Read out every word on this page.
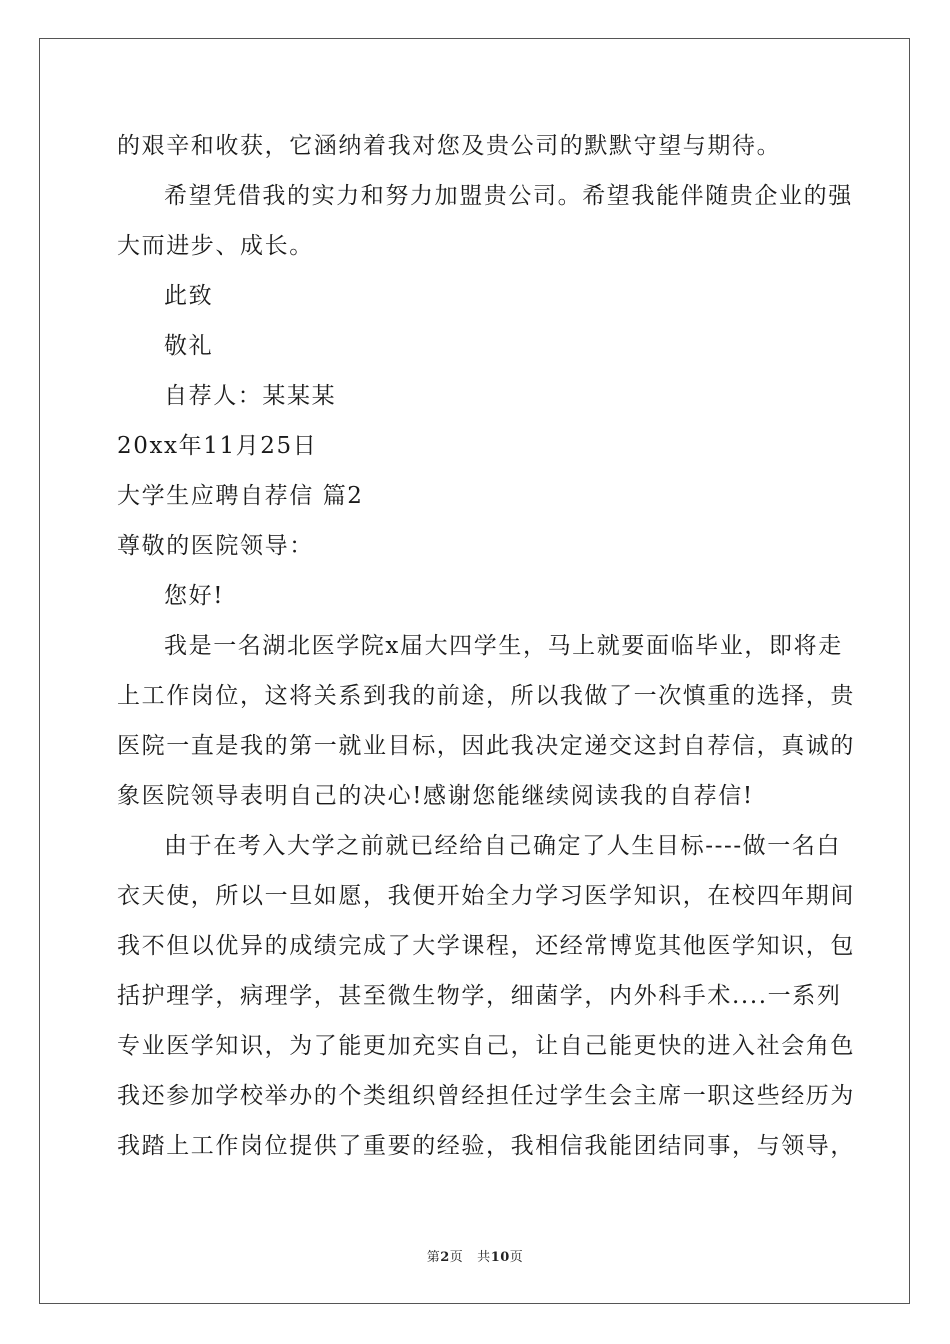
的艰辛和收获，它涵纳着我对您及贵公司的默默守望与期待。
希望凭借我的实力和努力加盟贵公司。希望我能伴随贵企业的强
大而进步、成长。
此致
敬礼
自荐人：某某某
20xx年11月25日
大学生应聘自荐信 篇2
尊敬的医院领导：
您好!
我是一名湖北医学院x届大四学生，马上就要面临毕业，即将走
上工作岗位，这将关系到我的前途，所以我做了一次慎重的选择，贵
医院一直是我的第一就业目标，因此我决定递交这封自荐信，真诚的
象医院领导表明自己的决心!感谢您能继续阅读我的自荐信!
由于在考入大学之前就已经给自己确定了人生目标----做一名白
衣天使，所以一旦如愿，我便开始全力学习医学知识，在校四年期间
我不但以优异的成绩完成了大学课程，还经常博览其他医学知识，包
括护理学，病理学，甚至微生物学，细菌学，内外科手术....一系列
专业医学知识，为了能更加充实自己，让自己能更快的进入社会角色
我还参加学校举办的个类组织曾经担任过学生会主席一职这些经历为
我踏上工作岗位提供了重要的经验，我相信我能团结同事，与领导，
第2页 共10页
